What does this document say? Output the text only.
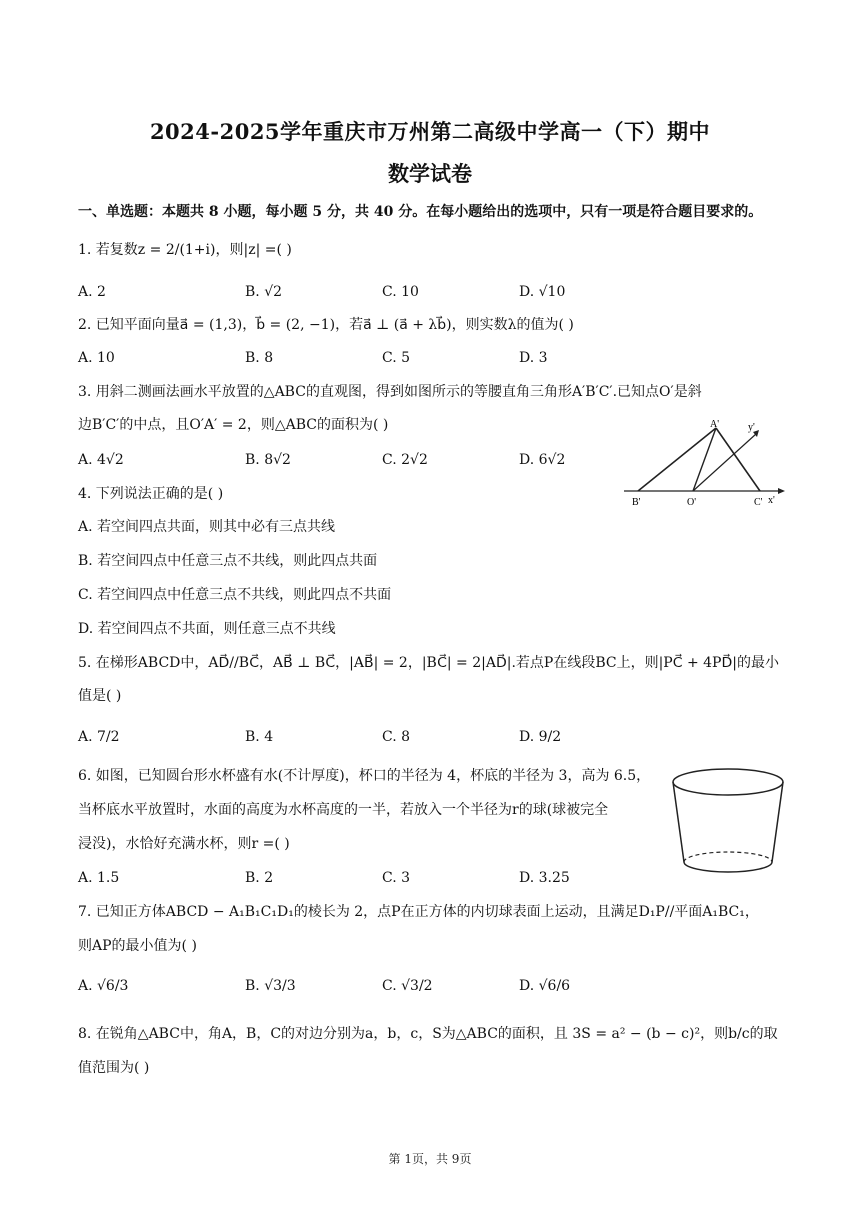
2024-2025学年重庆市万州第二高级中学高一（下）期中
数学试卷
一、单选题：本题共 8 小题，每小题 5 分，共 40 分。在每小题给出的选项中，只有一项是符合题目要求的。
1. 若复数z = 2/(1+i)，则|z| =( )
A. 2	B. √2	C. 10	D. √10
2. 已知平面向量a⃗ = (1,3)，b⃗ = (2, −1)，若a⃗ ⊥ (a⃗ + λb⃗)，则实数λ的值为( )
A. 10	B. 8	C. 5	D. 3
3. 用斜二测画法画水平放置的△ABC的直观图，得到如图所示的等腰直角三角形A′B′C′.已知点O′是斜
边B′C′的中点，且O′A′ = 2，则△ABC的面积为( )
A. 4√2	B. 8√2	C. 2√2	D. 6√2
A'	y'
B'	O'	C' x'
4. 下列说法正确的是( )
A. 若空间四点共面，则其中必有三点共线
B. 若空间四点中任意三点不共线，则此四点共面
C. 若空间四点中任意三点不共线，则此四点不共面
D. 若空间四点不共面，则任意三点不共线
5. 在梯形ABCD中，AD⃗//BC⃗，AB⃗ ⊥ BC⃗，|AB⃗| = 2，|BC⃗| = 2|AD⃗|.若点P在线段BC上，则|PC⃗ + 4PD⃗|的最小
值是( )
A. 7/2	B. 4	C. 8	D. 9/2
6. 如图，已知圆台形水杯盛有水(不计厚度)，杯口的半径为 4，杯底的半径为 3，高为 6.5，
当杯底水平放置时，水面的高度为水杯高度的一半，若放入一个半径为r的球(球被完全
浸没)，水恰好充满水杯，则r =( )
A. 1.5	B. 2	C. 3	D. 3.25
7. 已知正方体ABCD − A₁B₁C₁D₁的棱长为 2，点P在正方体的内切球表面上运动，且满足D₁P//平面A₁BC₁，
则AP的最小值为( )
A. √6/3	B. √3/3	C. √3/2	D. √6/6
8. 在锐角△ABC中，角A，B，C的对边分别为a，b，c，S为△ABC的面积，且 3S = a² − (b − c)²，则b/c的取
值范围为( )
第 1页，共 9页
